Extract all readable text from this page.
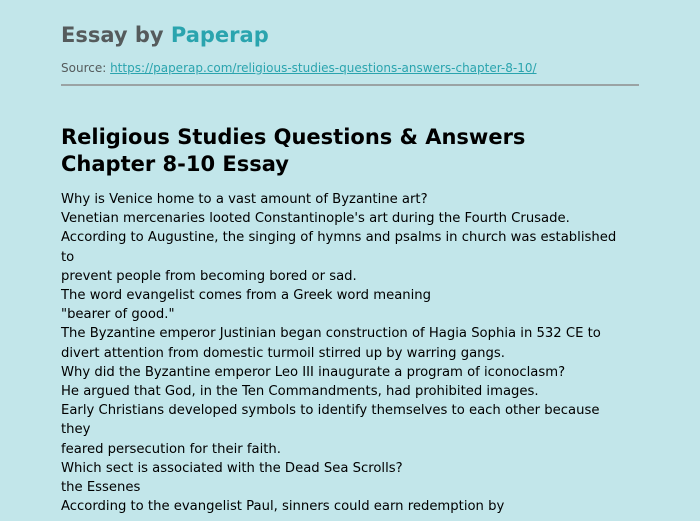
Essay by Paperap
Source: https://paperap.com/religious-studies-questions-answers-chapter-8-10/
Religious Studies Questions & Answers
Chapter 8-10 Essay
Why is Venice home to a vast amount of Byzantine art?
Venetian mercenaries looted Constantinople's art during the Fourth Crusade.
According to Augustine, the singing of hymns and psalms in church was established
to
prevent people from becoming bored or sad.
The word evangelist comes from a Greek word meaning
"bearer of good."
The Byzantine emperor Justinian began construction of Hagia Sophia in 532 CE to
divert attention from domestic turmoil stirred up by warring gangs.
Why did the Byzantine emperor Leo III inaugurate a program of iconoclasm?
He argued that God, in the Ten Commandments, had prohibited images.
Early Christians developed symbols to identify themselves to each other because
they
feared persecution for their faith.
Which sect is associated with the Dead Sea Scrolls?
the Essenes
According to the evangelist Paul, sinners could earn redemption by
